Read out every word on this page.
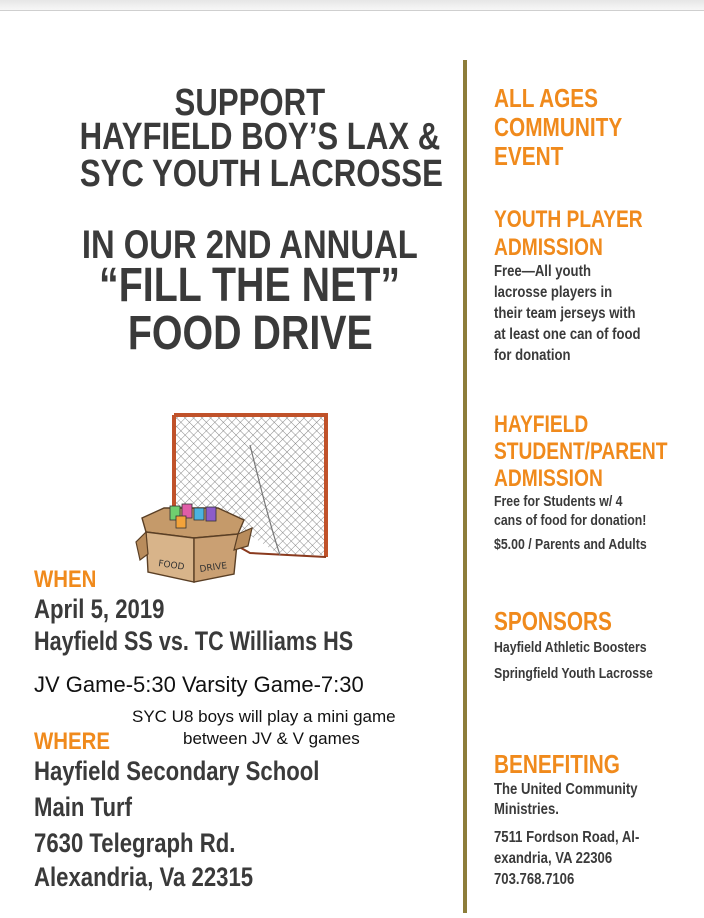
SUPPORT
HAYFIELD BOY’S LAX &
SYC YOUTH LACROSSE
IN OUR 2ND ANNUAL
“FILL THE NET”
FOOD DRIVE
FOOD DRIVE
WHEN
April 5, 2019
Hayfield SS vs. TC Williams HS
JV Game-5:30 Varsity Game-7:30
SYC U8 boys will play a mini game
between JV & V games
WHERE
Hayfield Secondary School
Main Turf
7630 Telegraph Rd.
Alexandria, Va 22315
ALL AGES
COMMUNITY
EVENT
YOUTH PLAYER
ADMISSION
Free—All youth
lacrosse players in
their team jerseys with
at least one can of food
for donation
HAYFIELD
STUDENT/PARENT
ADMISSION
Free for Students w/ 4
cans of food for donation!
$5.00 / Parents and Adults
SPONSORS
Hayfield Athletic Boosters
Springfield Youth Lacrosse
BENEFITING
The United Community
Ministries.
7511 Fordson Road, Al-
exandria, VA 22306
703.768.7106
